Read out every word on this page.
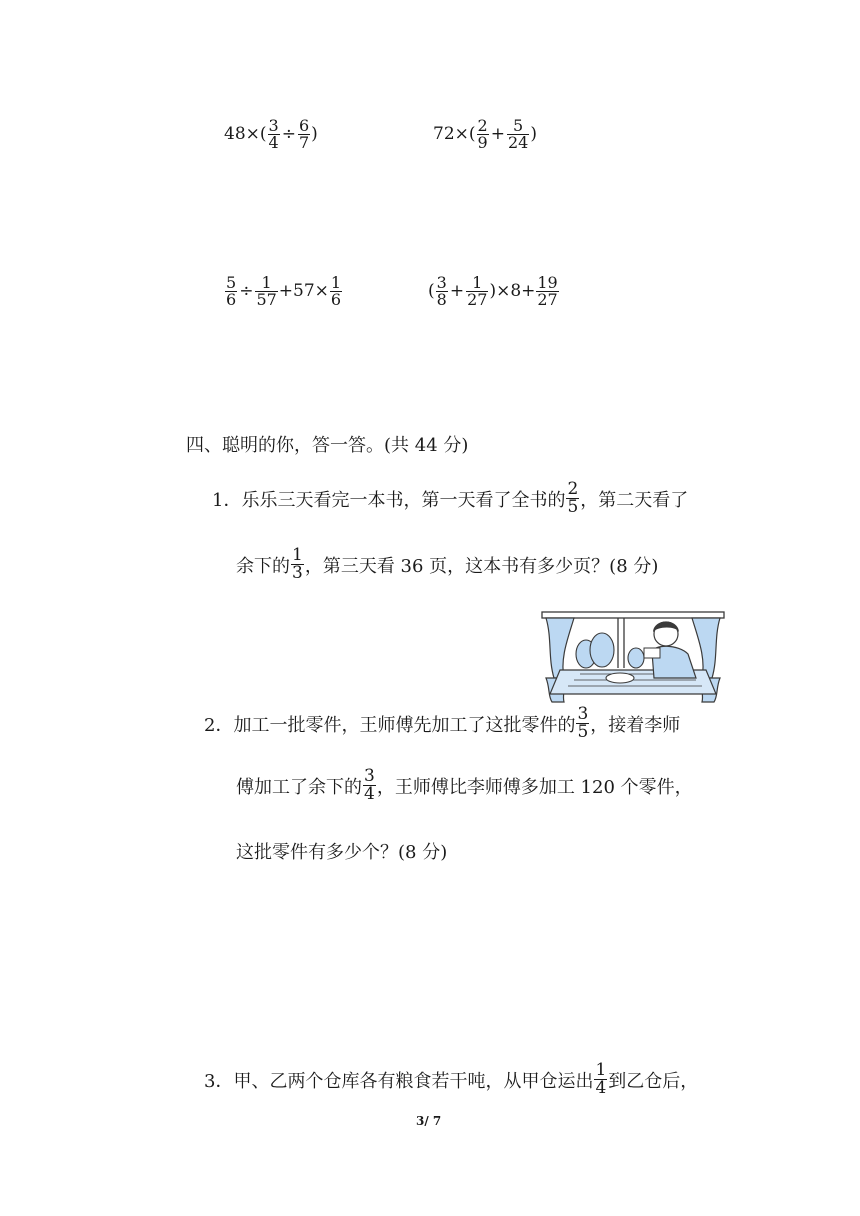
$48\times( \frac{3}{4} \div \frac{6}{7}$ )	$72\times( \frac{2}{9} + \frac{5}{24}$ )
$\frac{5}{6} \div \frac{1}{57} +57\times \frac{1}{6}$	( $\frac{3}{8} + \frac{1}{27} )\times 8+ \frac{19}{27}$
四、聪明的你，答一答。(共 44 分)
1．乐乐三天看完一本书，第一天看了全书的 $\frac{2}{5}$ ，第二天看了
余下的 $\frac{1}{3}$ ，第三天看 36 页，这本书有多少页？(8 分)
2．加工一批零件，王师傅先加工了这批零件的 $\frac{3}{5}$ ，接着李师
傅加工了余下的 $\frac{3}{4}$ ，王师傅比李师傅多加工 120 个零件，
这批零件有多少个？(8 分)
3．甲、乙两个仓库各有粮食若干吨，从甲仓运出 $\frac{1}{4}$ 到乙仓后，
3/ 7
